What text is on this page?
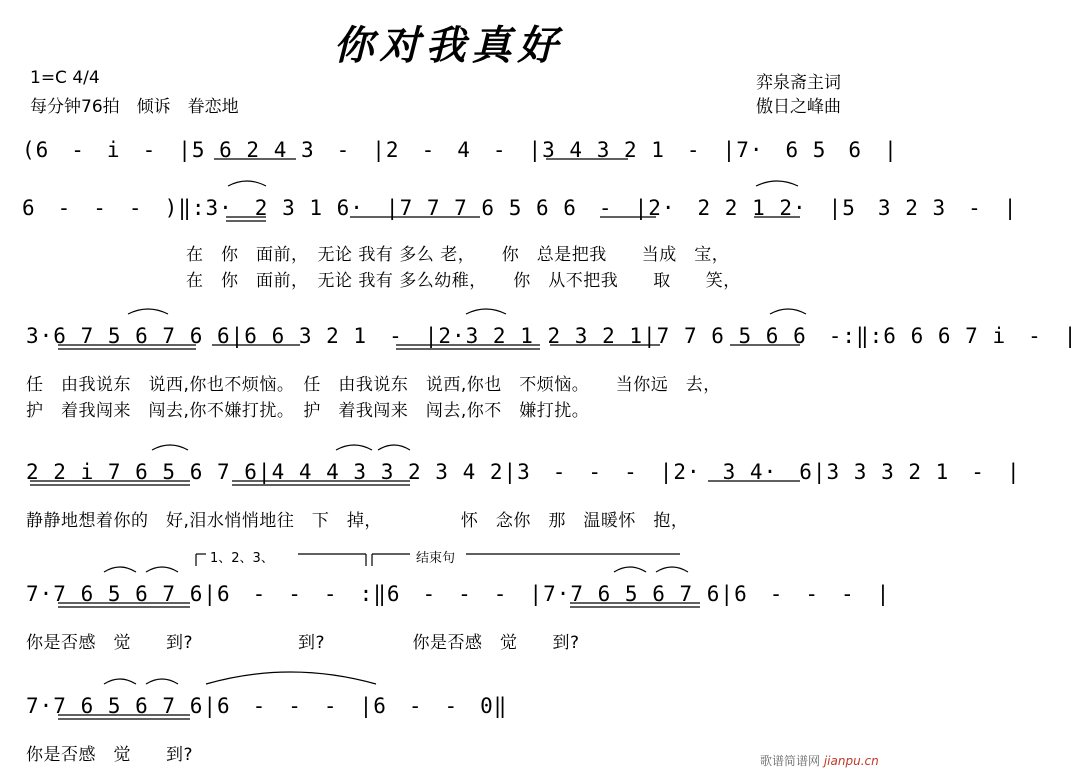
你对我真好
1=C 4/4
每分钟76拍　倾诉　眷恋地
弈泉斋主词
傲日之峰曲
(6　-　i　-　|5 6 2 4 3　-　|2　-　4　-　|3 4 3 2 1　-　|7·　6 5　6　|
6　-　-　-　)‖:3·　2 3 1 6·　|7 7 7 6 5 6 6　-　|2·　2 2 1 2·　|5　3 2 3　-　|
在　你　面前，　无论 我有 多么 老，　　你　总是把我　　当成　宝，
在　你　面前，　无论 我有 多么幼稚，　　你　从不把我　　取　　笑，
3·6 7 5 6 7 6 6|6 6 3 2 1　-　|2·3 2 1 2 3 2 1|7 7 6 5 6 6　-:‖:6 6 6 7 i　-　|
任　由我说东　说西,你也不烦恼。　任　由我说东　说西,你也　不烦恼。　　当你远　去，
护　着我闯来　闯去,你不嫌打扰。　护　着我闯来　闯去,你不　嫌打扰。
2 2 i 7 6 5 6 7 6|4 4 4 3 3 2 3 4 2|3　-　-　-　|2·　3 4·　6|3 3 3 2 1　-　|
静静地想着你的　好,泪水悄悄地往　下　掉，　　　　　怀　念你　那　温暖怀　抱，
1、2、3、	结束句
7·7 6 5 6 7 6|6　-　-　-　:‖6　-　-　-　|7·7 6 5 6 7 6|6　-　-　-　|
你是否感　觉　　到?　　　　　　到?　　　　　你是否感　觉　　到?
7·7 6 5 6 7 6|6　-　-　-　|6　-　-　0‖
你是否感　觉　　到?	歌谱简谱网 jianpu.cn
